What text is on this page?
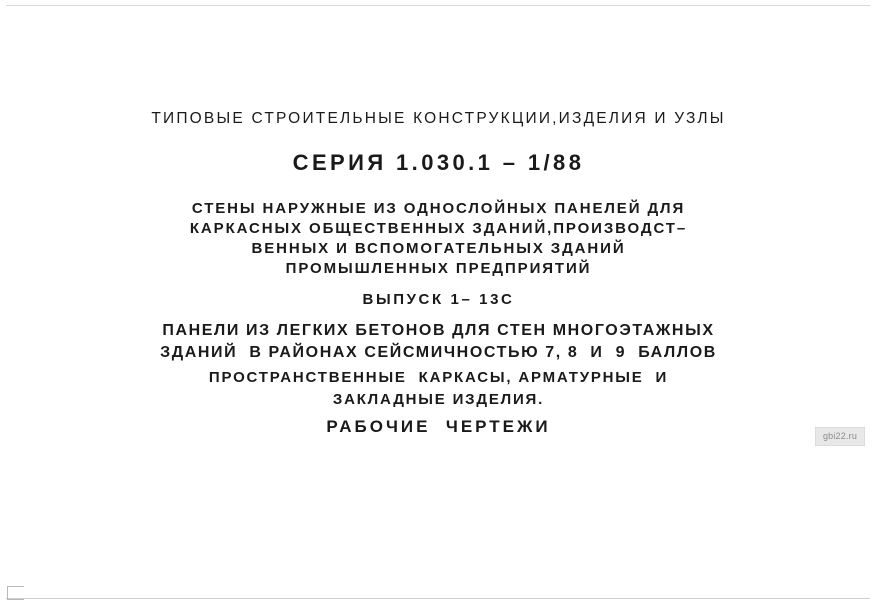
ТИПОВЫЕ СТРОИТЕЛЬНЫЕ КОНСТРУКЦИИ,ИЗДЕЛИЯ И УЗЛЫ
СЕРИЯ 1.030.1 – 1/88
СТЕНЫ НАРУЖНЫЕ ИЗ ОДНОСЛОЙНЫХ ПАНЕЛЕЙ ДЛЯ
КАРКАСНЫХ ОБЩЕСТВЕННЫХ ЗДАНИЙ,ПРОИЗВОДСТ–
ВЕННЫХ И ВСПОМОГАТЕЛЬНЫХ ЗДАНИЙ
ПРОМЫШЛЕННЫХ ПРЕДПРИЯТИЙ
ВЫПУСК 1– 13С
ПАНЕЛИ ИЗ ЛЕГКИХ БЕТОНОВ ДЛЯ СТЕН МНОГОЭТАЖНЫХ
ЗДАНИЙ  В РАЙОНАХ СЕЙСМИЧНОСТЬЮ 7, 8  И  9  БАЛЛОВ
ПРОСТРАНСТВЕННЫЕ  КАРКАСЫ, АРМАТУРНЫЕ  И
ЗАКЛАДНЫЕ ИЗДЕЛИЯ.
РАБОЧИЕ  ЧЕРТЕЖИ	gbi22.ru
